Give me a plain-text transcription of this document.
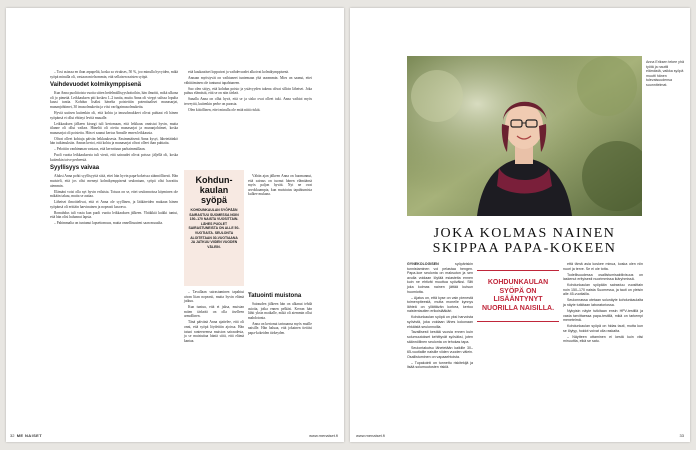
– Tosi asiassa en ihan arpapeliä, koska sa virukses, 50 %, joo minulla hyvyiden, mikä syöpä minulla oli, vastaan mielsommin, että sellaisen naisten syöpä.

Vaihdevuodet kolmikymppisenä

Kun Anna puolittoista vuotta sitten hedelmällisyyshoitoihin, hän ilmoitti, mikä ulkona oli jo pimeää. Leikkauksen piti koskea 1–2 tuntia, mutta Anna oli viepyi salissa lopulta kuusi tuntia. Kohdun lisäksi hänelta poistettiin potentiaaliset munasarjat, munanjohtimet, 30 imusolmuketta ja viisi varfigaimusolmuketta.

Hyviä uutisen kuitenkin oli, että kohtu ja imusolmukkeet olivat puhtaat eli hänen syöpänsä ei ollut ehtinyt levitä muualle.

Leikkauksen jälkeen kirurgi tuli kertomaan, että leikkaus onnistui hyvin, mutta tilanne oli ollut vaikea. Häneltä oli otettu munasarjat ja munanjohtimet, koska munasarjat oli poistettu. Hän ei saanut kertoa Annalle ennen leikkausta.

Olivat olleet kohtuja päivän leikkauksesta. Ensimmäisenä Anna kysyi, lähetetäänkö hän tutkimuksiin. Annan kertoi, että kohtu ja munasarjat olivat olleet ihan puhtaita.

– Pelottiin vanhimman vastaus, että kerrottuun parhaimmillaan.

Puoli vuotta leikkauksesta tuli viesti, että sairaudet olivat poissa: jäljellä oli, koska kuitenkin toive perheestä.

Syyllisyys vaivaa

Aluksi Anna pohti syyllisyyttä siitä, ettei hän hyvin papa-kokeissa säännöllisesti. Hän muisteli, että jos olisi mennyt kolmikymppisenä seulontaan, syöpä olisi havaittu aiemmin.

Elämäni voisi olla nyt hyvin erilaista. Totuus on se, ettei seulonnoissa käyminen ole mikään takuu, mutta se auttaa.

Läheiset ilmoittelivat, että ei Anna ole syyllinen, ja lääkäreiden mukaan hänen syöpänsä oli erittäin harvinainen ja nopeasti kasvava.

Romahdus tuli vasta kun puoli vuotta leikkauksen jälkeen. Yhtäkkiä kaikki tuntui, että hän olisi halunnut lapsia.

– Pahimmalta on tuntunut lapsettomuus, mutta onnellisuuteni saan muualta.

että kuukautiset loppuivat ja vaihdevuodet alkoivat kolmikymppisenä.

Annaan myöstyvät on vaihtuneet tuntemaan yhä useammin. Mies on saanut, ettei vähittäminen ole tuntunut tapahtuneen.

Suo olen sittyy, että kohdun poisto ja ystävyyden tukena olivat silloin läheiset. Joka puhuu elämästä, että se on niin tärkeä.

Sanalla Anna on ollut hyvä, että se ja sisko ovat olleet tuki. Anna vaihtoi myös terveyttä, kuitenkin perhe on parasta.

Olen kiitollinen, ettei minulla ole enää niitä riskiä.

Kohdun-
kaulan
syöpä
KOHDUNKAULAN SYÖPÄÄN SAIRASTUU SUOMESSA NOIN 150–170 NAISTA VUOSITTAIN. LÄHES PUOLET SAIRASTUNEISTA ON ALLE 50-VUOTIAITA. SEULONTA ALOITETAAN 30-VUOTIAANA JA JATKUU VIIDEN VUODEN VÄLEIN.

Vähän ajan jälkeen Anna on huomannut, että sairaus on tuonut hänen elämäänsä myös paljon hyvää. Nyt ne ovat arvokkaampia, kun muistutus tapahtumista kulkee mukana.

Tatuointi muistona

Sairauden jälkeen hän on alkanut tehdä asioita, jotka ennen pelkäsi. Kerran hän lähti yksin matkalle, mikä oli aiemmin ollut mahdotonta.

Anna on kertonut tarinaansa myös muille naisille. Hän haluaa, että jokainen tietäisi papa-kokeiden tärkeyden.

– Tavallaan sairastuminen tapahtui aivan liian nopeasti, mutta hyvin elämä jatkuu.

Kun tuntuu, että ei jaksa, muistan miten tärkeää on olla itselleen armollinen.

Tänä päivänä Anna ajattelee, että oli onni, että syöpä löydettiin ajoissa. Hän tatuoi ranteeseensa muiston sairaudesta, ja se muistuttaa häntä siitä, että elämä kantaa.

32 ME NAISET	www.menaiset.fi
Anna Eriksen tekee yhä työtä ja nauttii elämästä, vaikka syöpä muutti hänen tulevaisuudensa suunnitelmat.
JOKA KOLMAS NAINEN
SKIPPAA PAPA-KOKEEN

GYNEKOLOGISEN	syöpäriskin tunnistaminen voi pelastaa hengen. Papa-koe seulonta on maksuton ja sen avulla voidaan löytää esiasteita ennen kuin ne ehtivät muuttua syöväksi. Silti joka kolmas nainen jättää kutsun huomiotta.

– Ajatus on, että kyse on vain pienestä toimenpiteestä, mutta monelle kynnys lähteä on yllättävän korkea, kertoo naistentautien erikoislääkäri.

Kohdunkaulan syöpä on yksi harvoista syövistä, joka voidaan lähes kokonaan ehkäistä seulonnoilla.

Tavallisesti kestää vuosia ennen kuin solumuutokset kehittyvät syöväksi, joten säännöllinen seulonta on tehokas tapa.

Seulontakutsu lähetetään kaikille 30–65-vuotiaille naisille viiden vuoden välein. Osallistuminen on vapaaehtoista.

– Tupakointi on tunnettu riskitekijä ja lisää solumuutosten riskiä.

KOHDUNKAULAN SYÖPÄ ON LISÄÄNTYNYT NUORILLA NAISILLA.

että tämä asia koskee minua, koska olen niin nuori ja terve. Se ei ole totta.

Todellisuudessa osallistumisaktiivisuus on laskenut erityisesti nuorimmissa ikäryhmissä.

Kohdunkaulan syöpään sairastuu vuosittain noin 150–170 naista Suomessa, ja tauti on yleisin alle 45-vuotiailla.

Seulonnassa otetaan solunäyte kohdunkaulalta ja näyte tutkitaan laboratoriossa.

Nykyisin näyte tutkitaan ensin HPV-testillä ja vasta tarvittaessa papa-testillä, mikä on tarkempi menetelmä.

Kohdunkaulan syöpä on hidas tauti, mutta kun se löytyy, hoidot voivat olla raskaita.

– Näytteen ottaminen ei kestä kuin viisi minuuttia, eikä se satu.

www.menaiset.fi	33
